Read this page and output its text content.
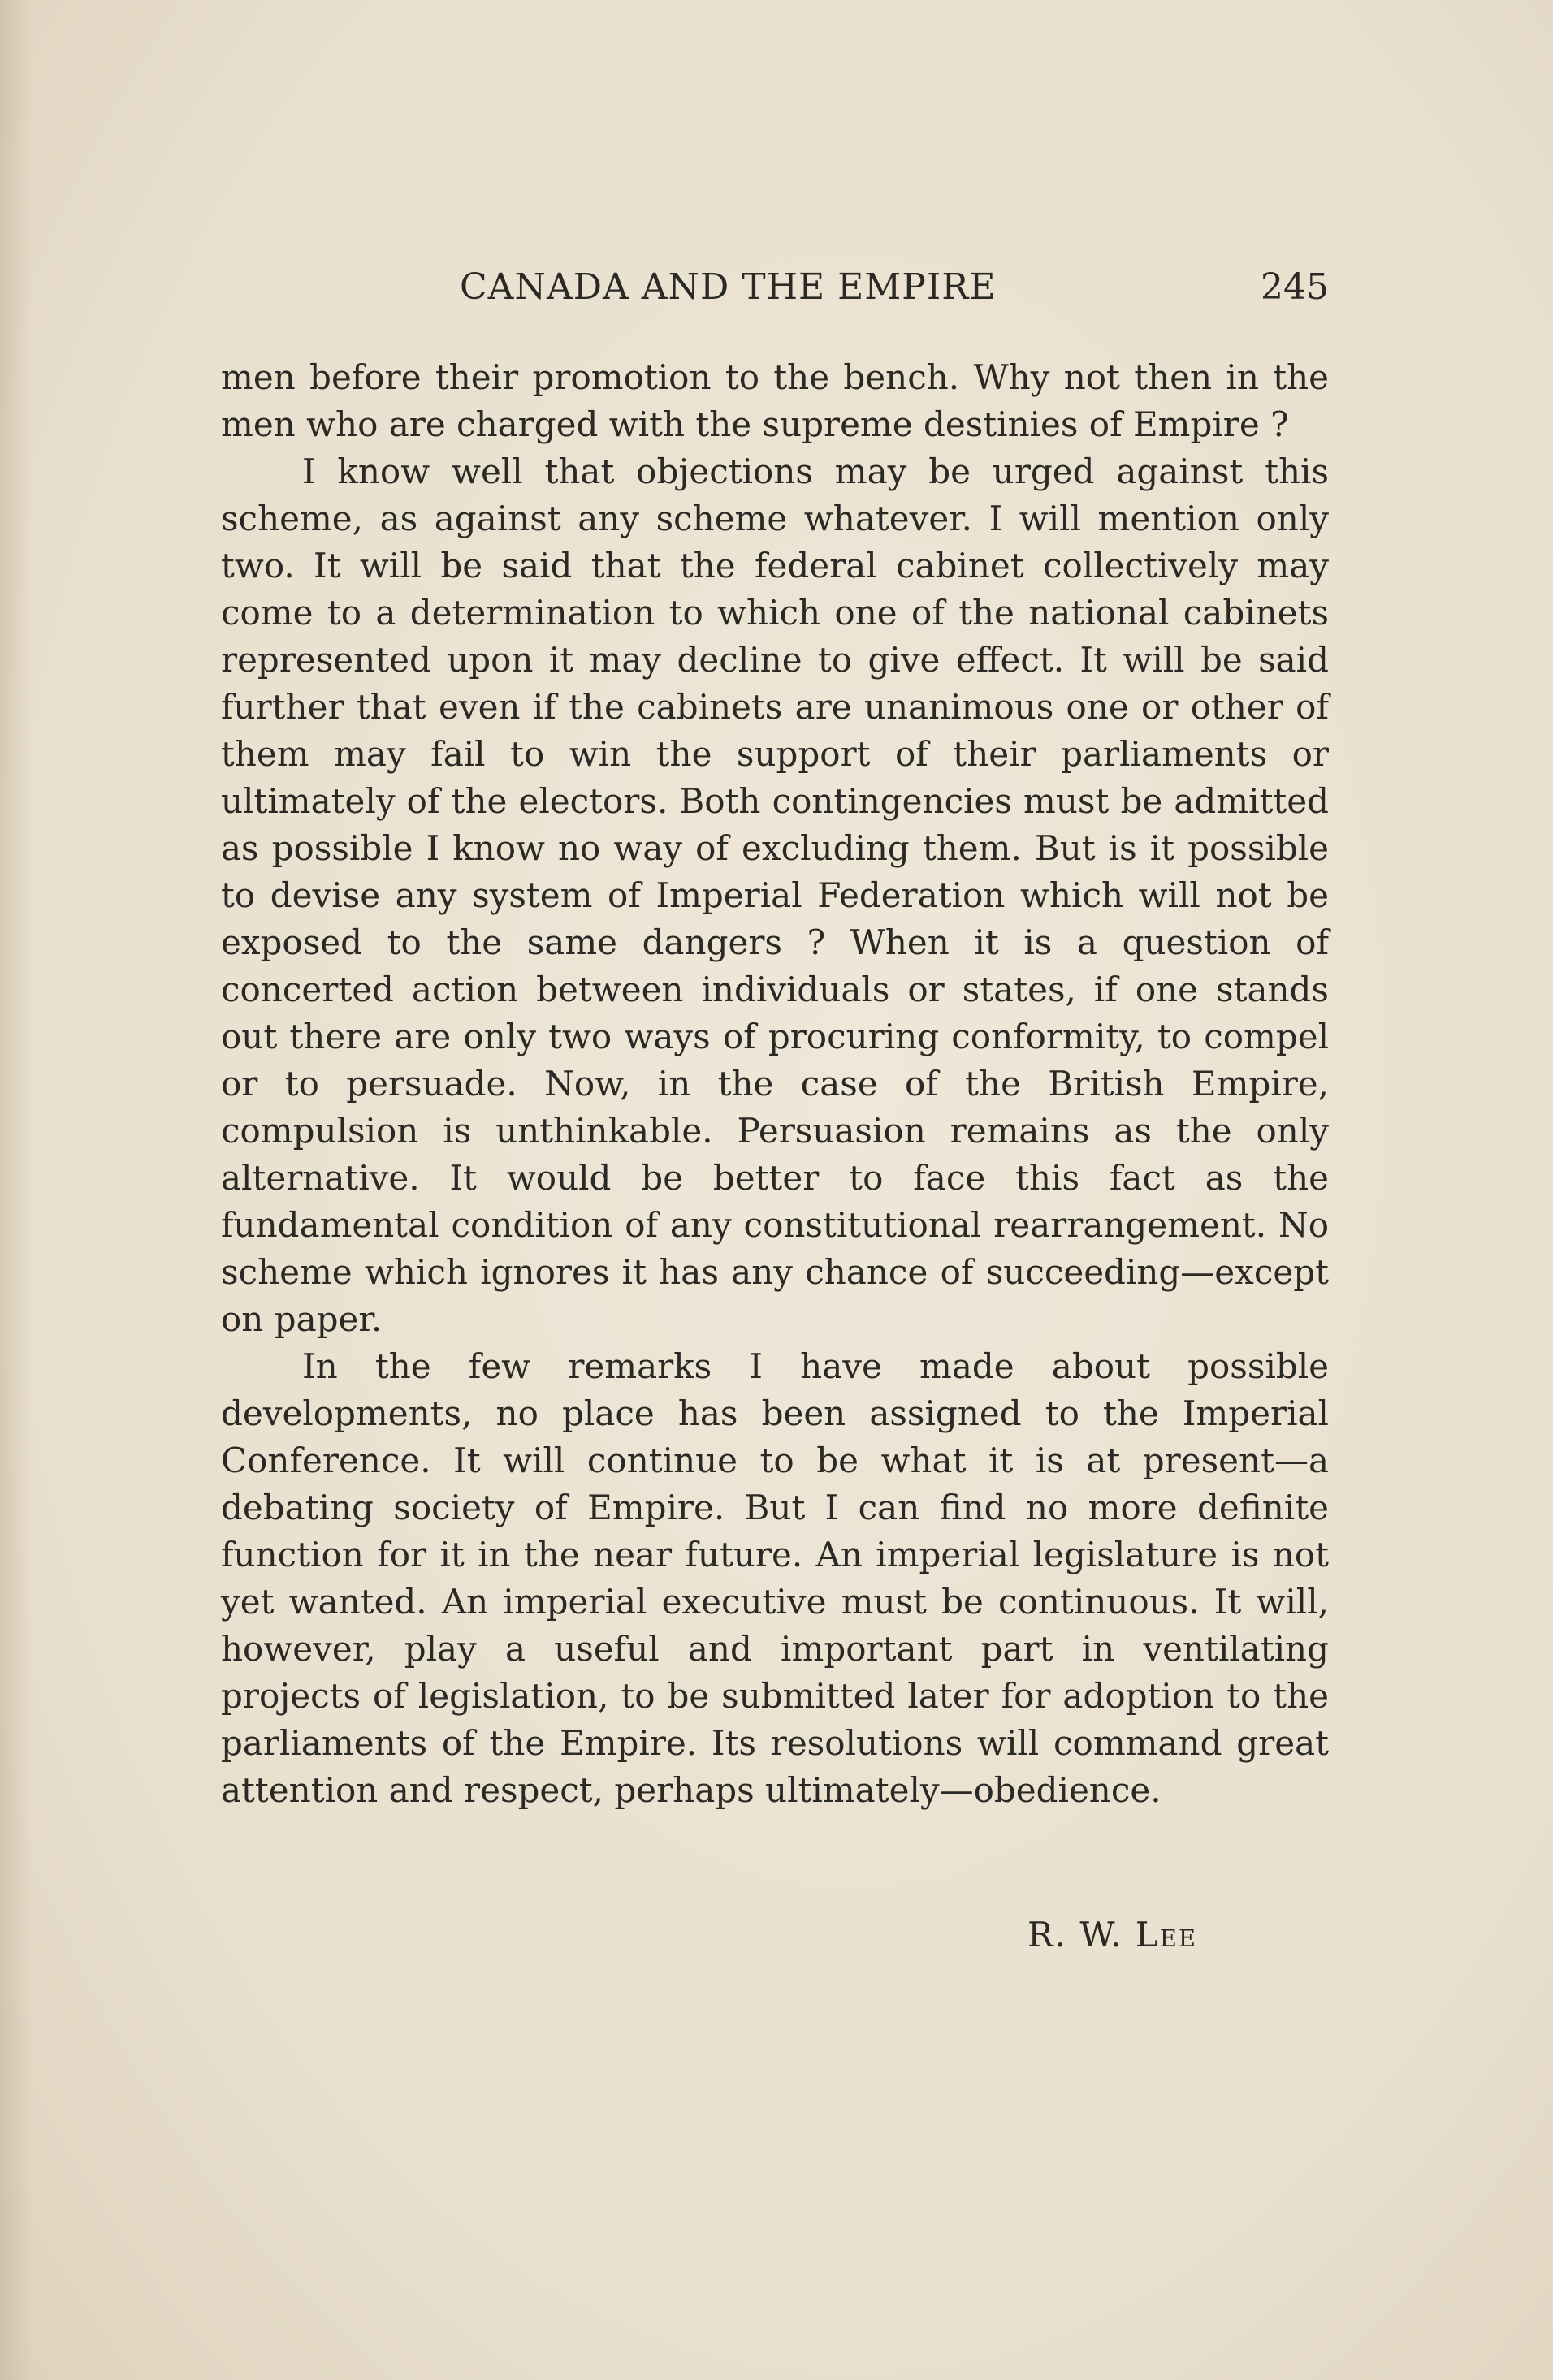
CANADA AND THE EMPIRE	245

men before their promotion to the bench. Why not then in the men who are charged with the supreme destinies of Empire ?

I know well that objections may be urged against this scheme, as against any scheme whatever. I will mention only two. It will be said that the federal cabinet collectively may come to a determination to which one of the national cabinets represented upon it may decline to give effect. It will be said further that even if the cabinets are unanimous one or other of them may fail to win the support of their parliaments or ultimately of the electors. Both contingencies must be admitted as possible I know no way of excluding them. But is it possible to devise any system of Imperial Federation which will not be exposed to the same dangers ? When it is a question of concerted action between individuals or states, if one stands out there are only two ways of procuring conformity, to compel or to persuade. Now, in the case of the British Empire, compulsion is unthinkable. Persuasion remains as the only alternative. It would be better to face this fact as the fundamental condition of any constitutional rearrangement. No scheme which ignores it has any chance of succeeding—except on paper.

In the few remarks I have made about possible developments, no place has been assigned to the Imperial Conference. It will continue to be what it is at present—a debating society of Empire. But I can find no more definite function for it in the near future. An imperial legislature is not yet wanted. An imperial executive must be continuous. It will, however, play a useful and important part in ventilating projects of legislation, to be submitted later for adoption to the parliaments of the Empire. Its resolutions will command great attention and respect, perhaps ultimately—obedience.

R. W. Lee
